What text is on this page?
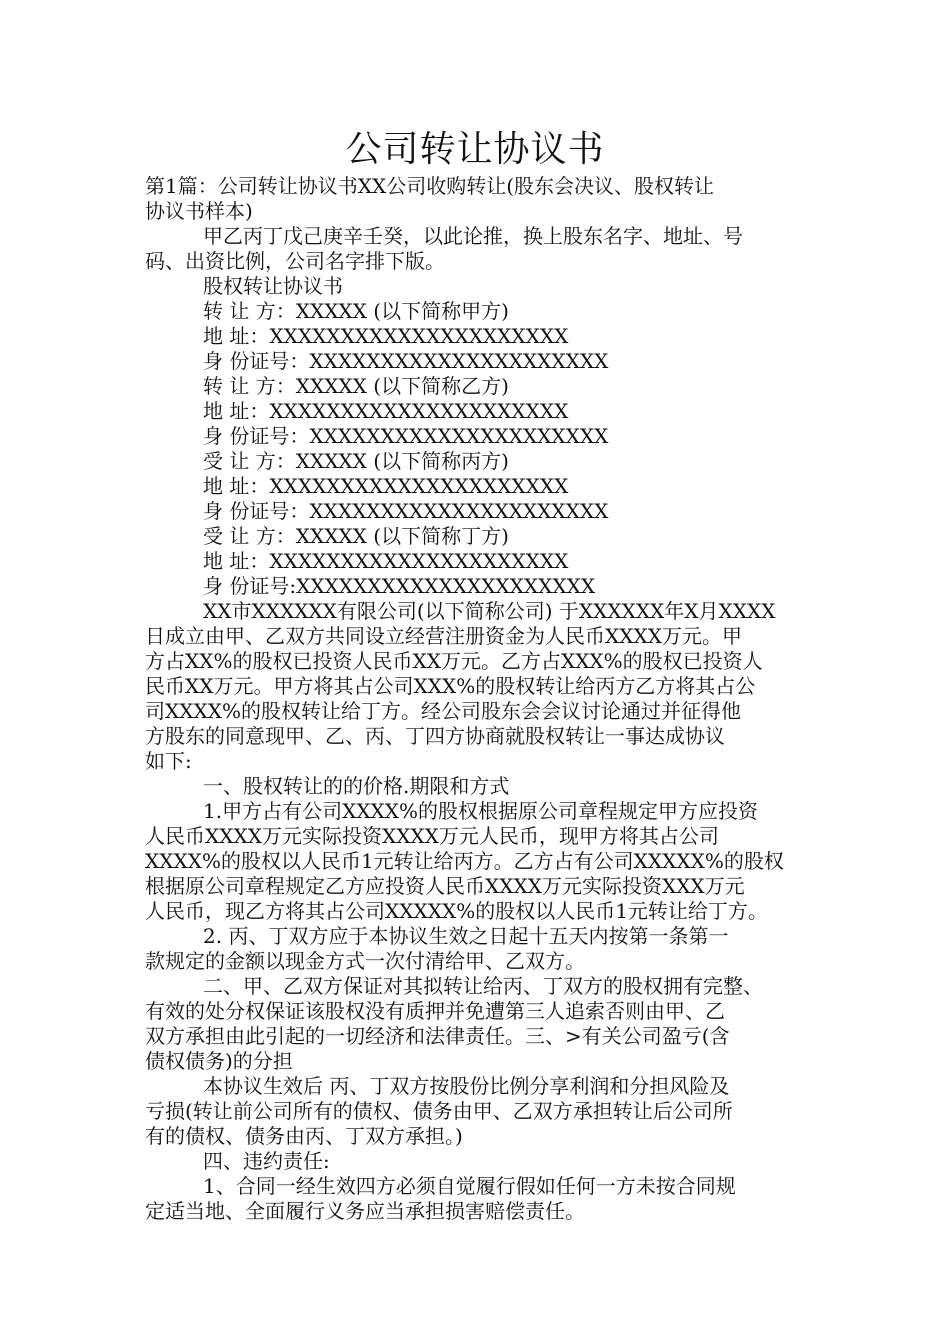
公司转让协议书
第1篇：公司转让协议书XX公司收购转让(股东会决议、股权转让
协议书样本)
甲乙丙丁戊己庚辛壬癸，以此论推，换上股东名字、地址、号
码、出资比例，公司名字排下版。
股权转让协议书
转 让 方：XXXXX (以下简称甲方)
地 址：XXXXXXXXXXXXXXXXXXXXX
身 份证号：XXXXXXXXXXXXXXXXXXXXX
转 让 方：XXXXX (以下简称乙方)
地 址：XXXXXXXXXXXXXXXXXXXXX
身 份证号：XXXXXXXXXXXXXXXXXXXXX
受 让 方：XXXXX (以下简称丙方)
地 址：XXXXXXXXXXXXXXXXXXXXX
身 份证号：XXXXXXXXXXXXXXXXXXXXX
受 让 方：XXXXX (以下简称丁方)
地 址：XXXXXXXXXXXXXXXXXXXXX
身 份证号:XXXXXXXXXXXXXXXXXXXXX
XX市XXXXXX有限公司(以下简称公司) 于XXXXXX年X月XXXX
日成立由甲、乙双方共同设立经营注册资金为人民币XXXX万元。甲
方占XX%的股权已投资人民币XX万元。乙方占XXX%的股权已投资人
民币XX万元。甲方将其占公司XXX%的股权转让给丙方乙方将其占公
司XXXX%的股权转让给丁方。经公司股东会会议讨论通过并征得他
方股东的同意现甲、乙、丙、丁四方协商就股权转让一事达成协议
如下:
一、股权转让的的价格.期限和方式
1.甲方占有公司XXXX%的股权根据原公司章程规定甲方应投资
人民币XXXX万元实际投资XXXX万元人民币，现甲方将其占公司
XXXX%的股权以人民币1元转让给丙方。乙方占有公司XXXXX%的股权
根据原公司章程规定乙方应投资人民币XXXX万元实际投资XXX万元
人民币，现乙方将其占公司XXXXX%的股权以人民币1元转让给丁方。
2. 丙、丁双方应于本协议生效之日起十五天内按第一条第一
款规定的金额以现金方式一次付清给甲、乙双方。
二、甲、乙双方保证对其拟转让给丙、丁双方的股权拥有完整、
有效的处分权保证该股权没有质押并免遭第三人追索否则由甲、乙
双方承担由此引起的一切经济和法律责任。三、>有关公司盈亏(含
债权债务)的分担
本协议生效后 丙、丁双方按股份比例分享利润和分担风险及
亏损(转让前公司所有的债权、债务由甲、乙双方承担转让后公司所
有的债权、债务由丙、丁双方承担。)
四、违约责任:
1、合同一经生效四方必须自觉履行假如任何一方未按合同规
定适当地、全面履行义务应当承担损害赔偿责任。
